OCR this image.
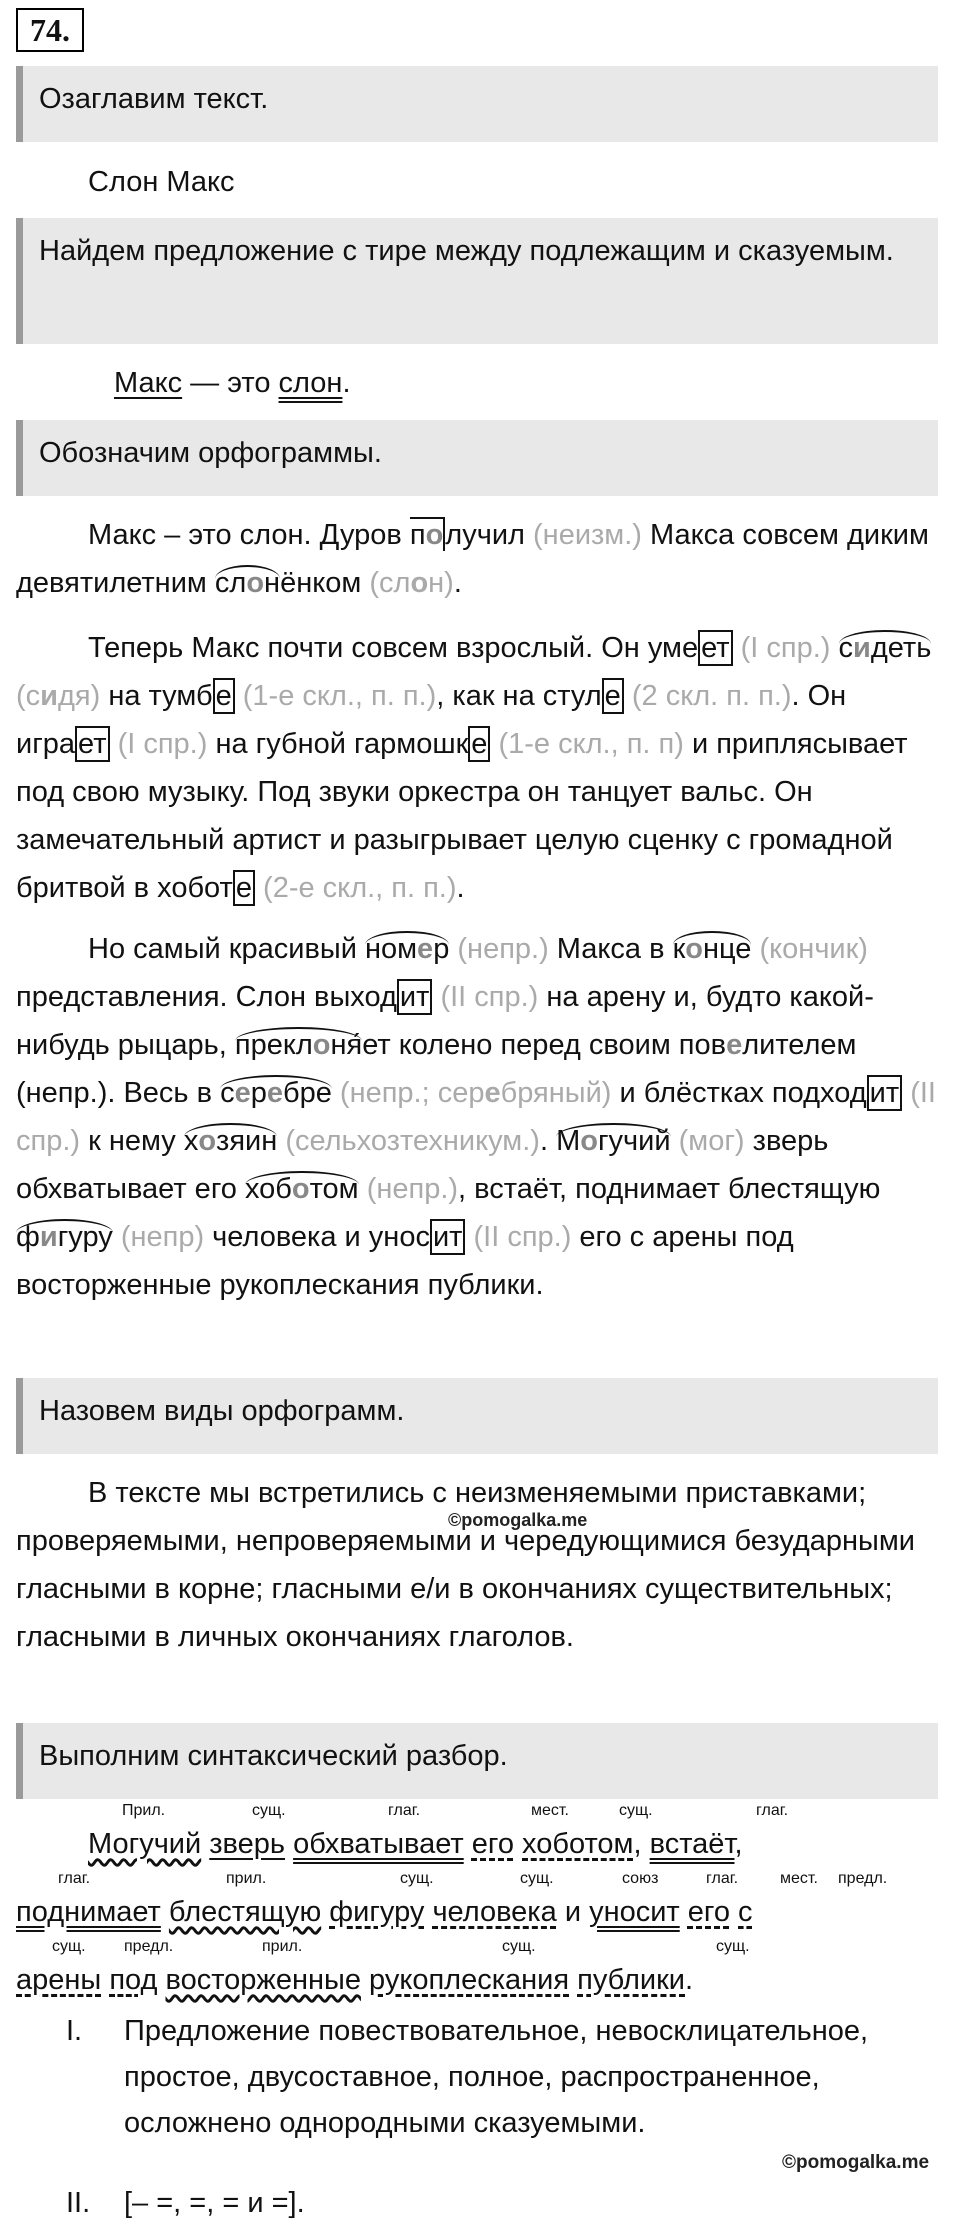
74.
Озаглавим текст.
Слон Макс
Найдем предложение с тире между подлежащим и сказуемым.
Макс — это слон.
Обозначим орфограммы.
Макс – это слон. Дуров получил (неизм.) Макса совсем диким девятилетним слонёнком (слон).
Теперь Макс почти совсем взрослый. Он уме ет (I спр.) сидеть (сидя) на тумб е (1-е скл., п. п.), как на стул е (2 скл. п. п.). Он игра ет (I спр.) на губной гармошк е (1-е скл., п. п) и приплясывает под свою музыку. Под звуки оркестра он танцует вальс. Он замечательный артист и разыгрывает целую сценку с громадной бритвой в хобот е (2-е скл., п. п.).
Но самый красивый номер (непр.) Макса в конце (кончик) представления. Слон выход ит (II спр.) на арену и, будто какой-нибудь рыцарь, преклоня́ет колено перед своим повелителем (непр.). Весь в серебре (непр.; серебряный) и блёстках подход ит (II спр.) к нему хозяин (сельхозтехникум.). Могучий (мог) зверь обхватывает его хоботом (непр.), встаёт, поднимает блестящую фигуру (непр) человека и унос ит (II спр.) его с арены под восторженные рукоплескания публики.
Назовем виды орфограмм.
В тексте мы встретились с неизменяемыми приставками; проверяемыми, непроверяемыми и чередующимися безударными гласными в корне; гласными е/и в окончаниях существительных; гласными в личных окончаниях глаголов.
©pomogalka.me
Выполним синтаксический разбор.
Прил.	сущ.	глаг.	мест.	сущ.	глаг.
Могучий зверь обхватывает его хоботом, встаёт,
глаг.	прил.	сущ.	сущ.	союз	глаг.	мест. предл.
поднимает блестящую фигуру человека и уносит его с
сущ. предл.	прил.	сущ.	сущ.
арены под восторженные рукоплескания публики.
I. Предложение повествовательное, невосклицательное, простое, двусоставное, полное, распространенное, осложнено однородными сказуемыми.
©pomogalka.me
II. [– =, =, = и =].
